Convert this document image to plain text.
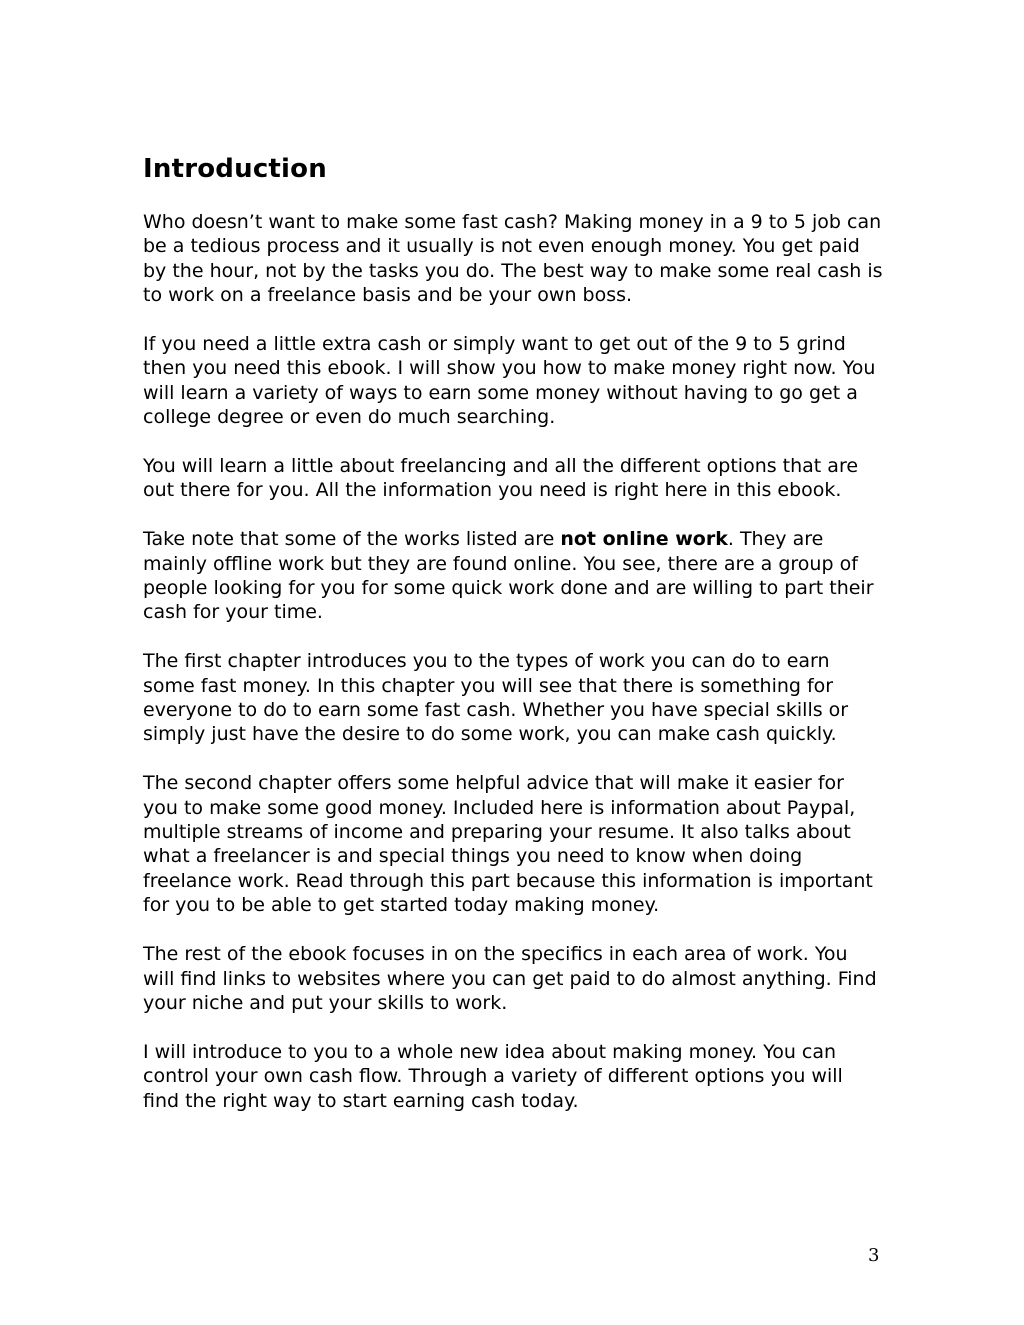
Introduction

Who doesn’t want to make some fast cash? Making money in a 9 to 5 job can be a tedious process and it usually is not even enough money. You get paid by the hour, not by the tasks you do. The best way to make some real cash is to work on a freelance basis and be your own boss.

If you need a little extra cash or simply want to get out of the 9 to 5 grind then you need this ebook. I will show you how to make money right now. You will learn a variety of ways to earn some money without having to go get a college degree or even do much searching.

You will learn a little about freelancing and all the different options that are out there for you. All the information you need is right here in this ebook.

Take note that some of the works listed are not online work. They are mainly offline work but they are found online. You see, there are a group of people looking for you for some quick work done and are willing to part their cash for your time.

The first chapter introduces you to the types of work you can do to earn some fast money. In this chapter you will see that there is something for everyone to do to earn some fast cash. Whether you have special skills or simply just have the desire to do some work, you can make cash quickly.

The second chapter offers some helpful advice that will make it easier for you to make some good money. Included here is information about Paypal, multiple streams of income and preparing your resume. It also talks about what a freelancer is and special things you need to know when doing freelance work. Read through this part because this information is important for you to be able to get started today making money.

The rest of the ebook focuses in on the specifics in each area of work. You will find links to websites where you can get paid to do almost anything. Find your niche and put your skills to work.

I will introduce to you to a whole new idea about making money. You can control your own cash flow. Through a variety of different options you will find the right way to start earning cash today.

3
